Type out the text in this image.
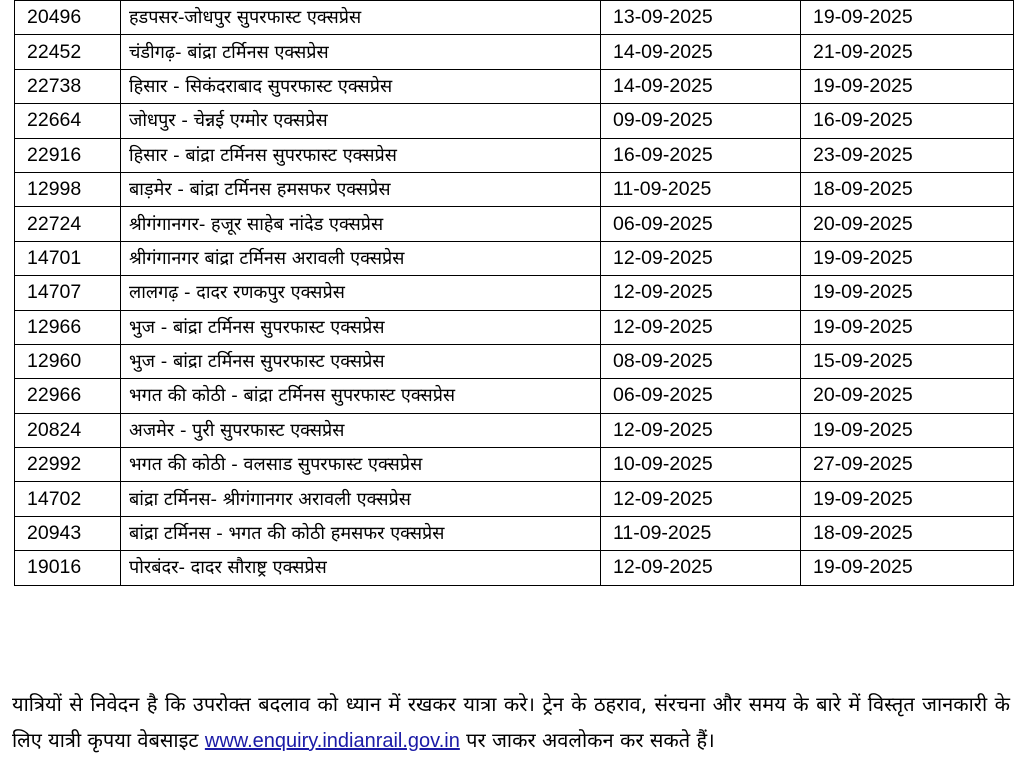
20496	हडपसर-जोधपुर सुपरफास्ट एक्सप्रेस	13-09-2025	19-09-2025
22452	चंडीगढ़- बांद्रा टर्मिनस एक्सप्रेस	14-09-2025	21-09-2025
22738	हिसार - सिकंदराबाद सुपरफास्ट एक्सप्रेस	14-09-2025	19-09-2025
22664	जोधपुर - चेन्नई एग्मोर एक्सप्रेस	09-09-2025	16-09-2025
22916	हिसार - बांद्रा टर्मिनस सुपरफास्ट एक्सप्रेस	16-09-2025	23-09-2025
12998	बाड़मेर - बांद्रा टर्मिनस हमसफर एक्सप्रेस	11-09-2025	18-09-2025
22724	श्रीगंगानगर- हजूर साहेब नांदेड एक्सप्रेस	06-09-2025	20-09-2025
14701	श्रीगंगानगर बांद्रा टर्मिनस अरावली एक्सप्रेस	12-09-2025	19-09-2025
14707	लालगढ़ - दादर रणकपुर एक्सप्रेस	12-09-2025	19-09-2025
12966	भुज - बांद्रा टर्मिनस सुपरफास्ट एक्सप्रेस	12-09-2025	19-09-2025
12960	भुज - बांद्रा टर्मिनस सुपरफास्ट एक्सप्रेस	08-09-2025	15-09-2025
22966	भगत की कोठी - बांद्रा टर्मिनस सुपरफास्ट एक्सप्रेस	06-09-2025	20-09-2025
20824	अजमेर - पुरी सुपरफास्ट एक्सप्रेस	12-09-2025	19-09-2025
22992	भगत की कोठी - वलसाड सुपरफास्ट एक्सप्रेस	10-09-2025	27-09-2025
14702	बांद्रा टर्मिनस- श्रीगंगानगर अरावली एक्सप्रेस	12-09-2025	19-09-2025
20943	बांद्रा टर्मिनस - भगत की कोठी हमसफर एक्सप्रेस	11-09-2025	18-09-2025
19016	पोरबंदर- दादर सौराष्ट्र एक्सप्रेस	12-09-2025	19-09-2025

यात्रियों से निवेदन है कि उपरोक्त बदलाव को ध्यान में रखकर यात्रा करे। ट्रेन के ठहराव, संरचना और समय के बारे में विस्तृत जानकारी के लिए यात्री कृपया वेबसाइट www.enquiry.indianrail.gov.in पर जाकर अवलोकन कर सकते हैं।
